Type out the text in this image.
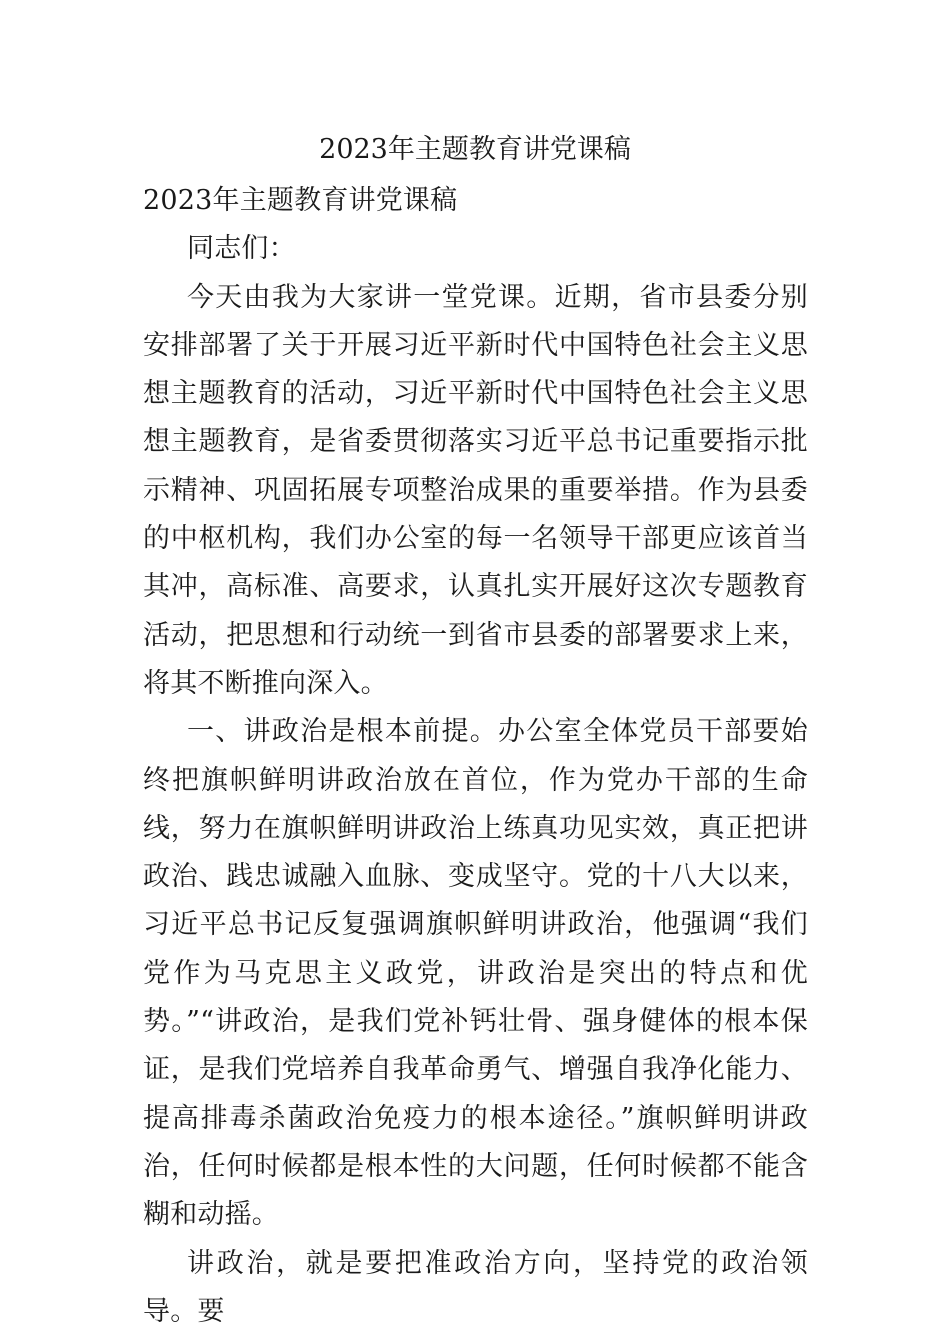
2023年主题教育讲党课稿

2023年主题教育讲党课稿

同志们：

今天由我为大家讲一堂党课。近期，省市县委分别安排部署了关于开展习近平新时代中国特色社会主义思想主题教育的活动，习近平新时代中国特色社会主义思想主题教育，是省委贯彻落实习近平总书记重要指示批示精神、巩固拓展专项整治成果的重要举措。作为县委的中枢机构，我们办公室的每一名领导干部更应该首当其冲，高标准、高要求，认真扎实开展好这次专题教育活动，把思想和行动统一到省市县委的部署要求上来，将其不断推向深入。

一、讲政治是根本前提。办公室全体党员干部要始终把旗帜鲜明讲政治放在首位，作为党办干部的生命线，努力在旗帜鲜明讲政治上练真功见实效，真正把讲政治、践忠诚融入血脉、变成坚守。党的十八大以来，习近平总书记反复强调旗帜鲜明讲政治，他强调“我们党作为马克思主义政党，讲政治是突出的特点和优势。”“讲政治，是我们党补钙壮骨、强身健体的根本保证，是我们党培养自我革命勇气、增强自我净化能力、提高排毒杀菌政治免疫力的根本途径。”旗帜鲜明讲政治，任何时候都是根本性的大问题，任何时候都不能含糊和动摇。

讲政治，就是要把准政治方向，坚持党的政治领导。要
